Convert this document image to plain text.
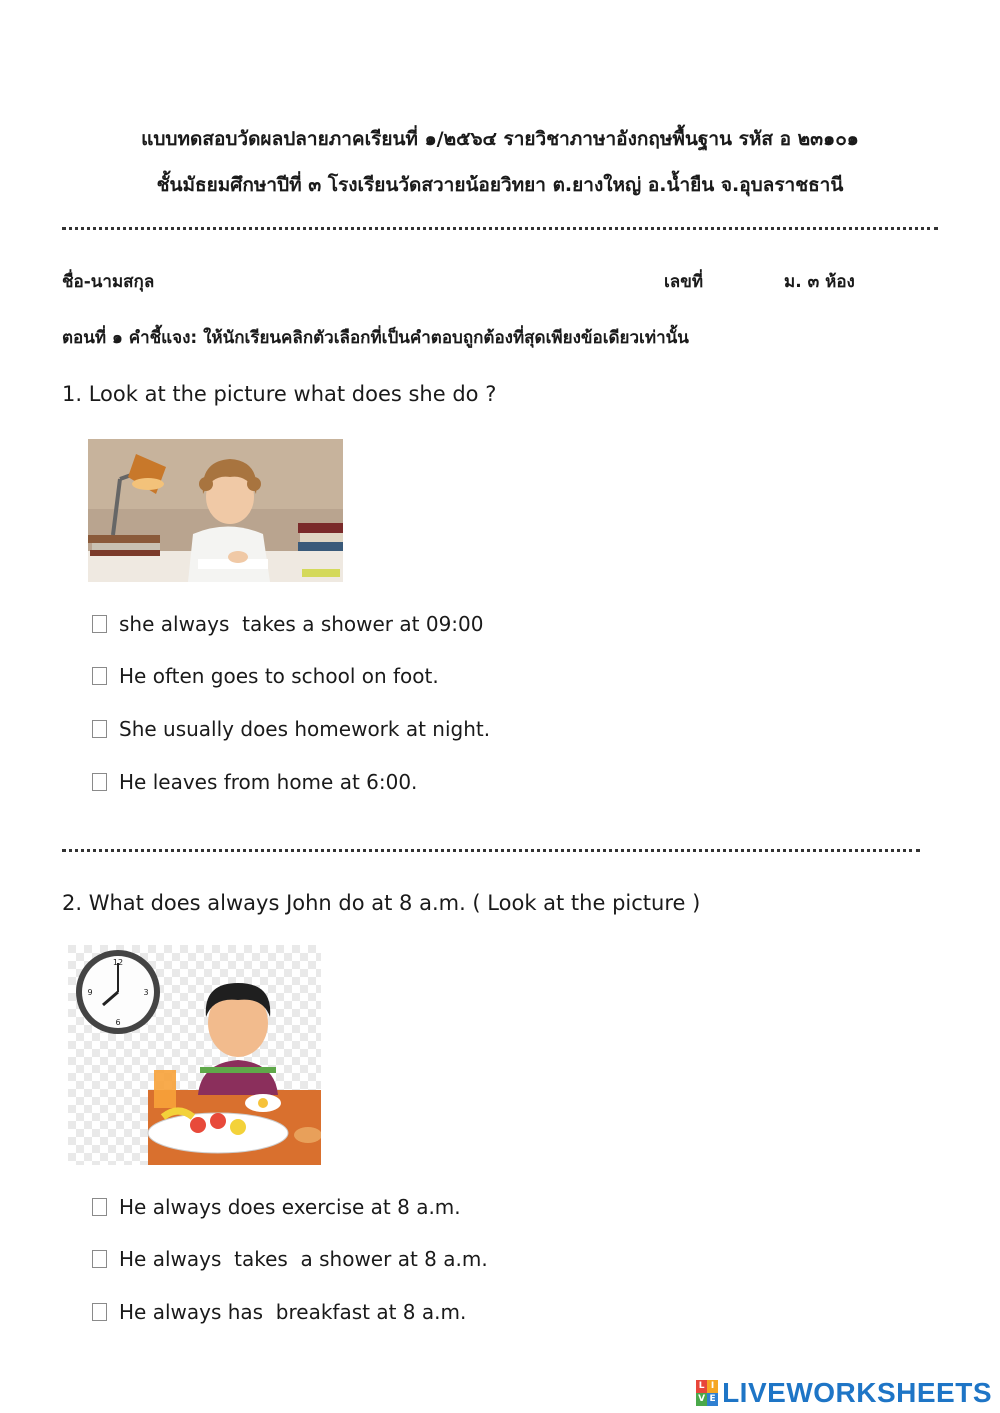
แบบทดสอบวัดผลปลายภาคเรียนที่ ๑/๒๕๖๔ รายวิชาภาษาอังกฤษพื้นฐาน รหัส อ ๒๓๑๐๑
ชั้นมัธยมศึกษาปีที่ ๓ โรงเรียนวัดสวายน้อยวิทยา ต.ยางใหญ่ อ.น้ำยืน จ.อุบลราชธานี
ชื่อ-นามสกุล	เลขที่	ม. ๓ ห้อง
ตอนที่ ๑ คำชี้แจง: ให้นักเรียนคลิกตัวเลือกที่เป็นคำตอบถูกต้องที่สุดเพียงข้อเดียวเท่านั้น
1. Look at the picture what does she do ?
she always  takes a shower at 09:00
He often goes to school on foot.
She usually does homework at night.
He leaves from home at 6:00.
2. What does always John do at 8 a.m. ( Look at the picture )
12
3
6
9
He always does exercise at 8 a.m.
He always  takes  a shower at 8 a.m.
He always has  breakfast at 8 a.m.
L I
V E LIVEWORKSHEETS
